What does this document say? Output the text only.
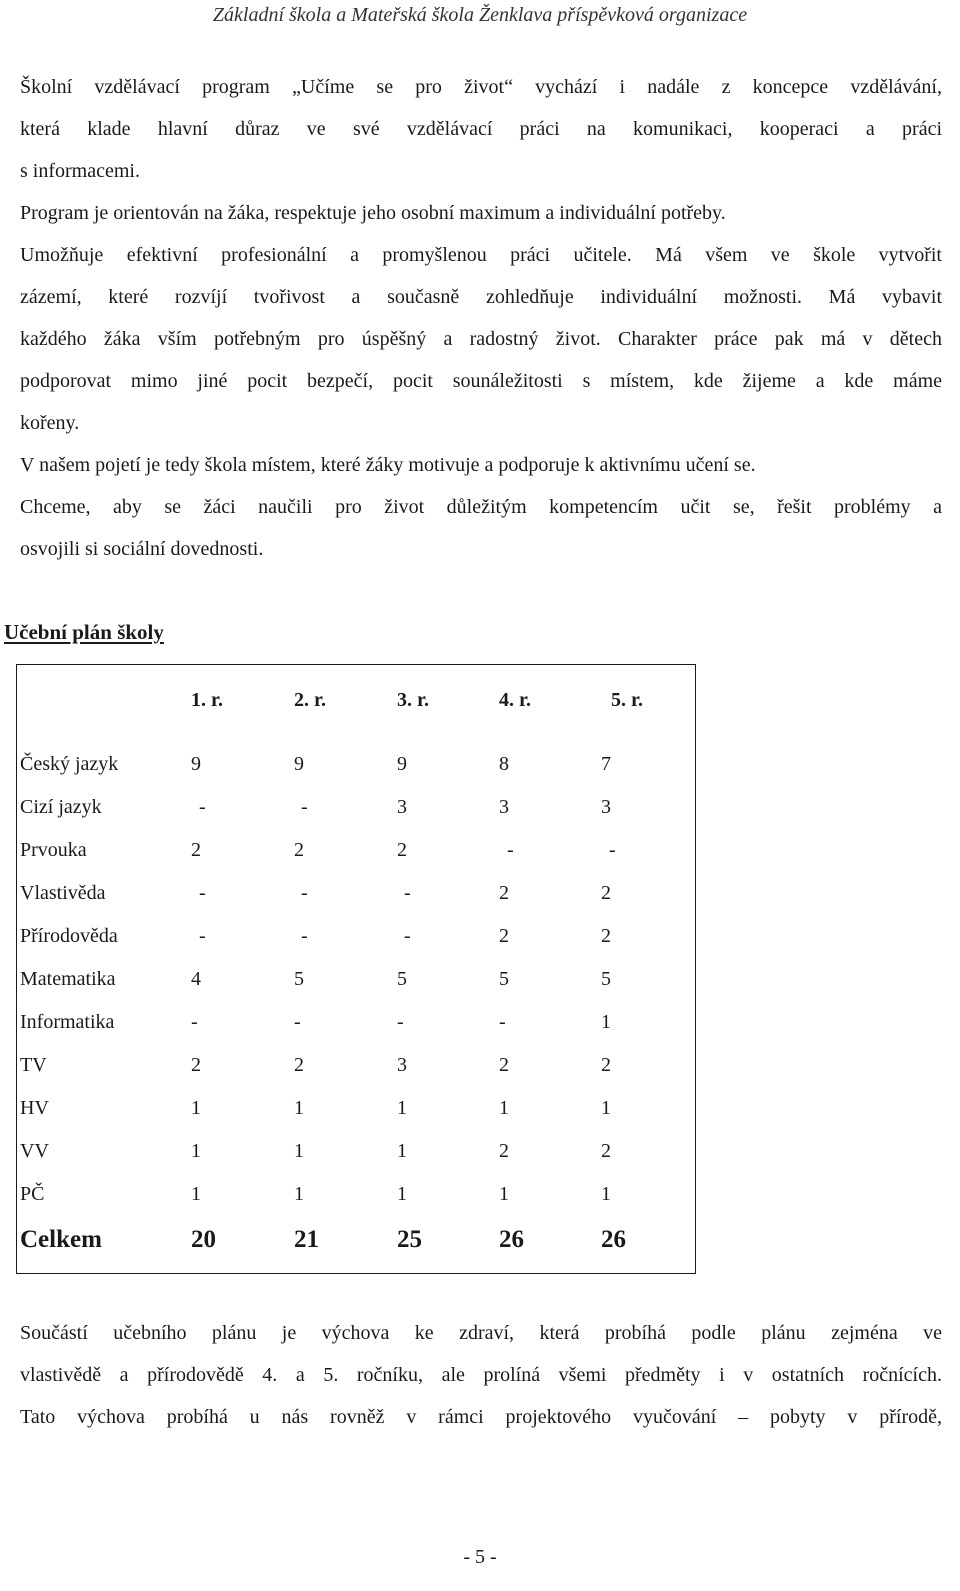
Základní škola a Mateřská škola Ženklava příspěvková organizace
Školní vzdělávací program „Učíme se pro život“ vychází i nadále z koncepce vzdělávání,
která klade hlavní důraz ve své vzdělávací práci na komunikaci, kooperaci a práci
s informacemi.
Program je orientován na žáka, respektuje jeho osobní maximum a individuální potřeby.
Umožňuje efektivní profesionální a promyšlenou práci učitele. Má všem ve škole vytvořit
zázemí, které rozvíjí tvořivost a současně zohledňuje individuální možnosti. Má vybavit
každého žáka vším potřebným pro úspěšný a radostný život. Charakter práce pak má v dětech
podporovat mimo jiné pocit bezpečí, pocit sounáležitosti s místem, kde žijeme a kde máme
kořeny.
V našem pojetí je tedy škola místem, které žáky motivuje a podporuje k aktivnímu učení se.
Chceme, aby se žáci naučili pro život důležitým kompetencím učit se, řešit problémy a
osvojili si sociální dovednosti.
Učební plán školy
1. r.	2. r.	3. r.	4. r.	5. r.
Český jazyk	9	9	9	8	7
Cizí jazyk	-	-	3	3	3
Prvouka	2	2	2	-	-
Vlastivěda	-	-	-	2	2
Přírodověda	-	-	-	2	2
Matematika	4	5	5	5	5
Informatika	-	-	-	-	1
TV	2	2	3	2	2
HV	1	1	1	1	1
VV	1	1	1	2	2
PČ	1	1	1	1	1
Celkem	20	21	25	26	26
Součástí učebního plánu je výchova ke zdraví, která probíhá podle plánu zejména ve
vlastivědě a přírodovědě 4. a 5. ročníku, ale prolíná všemi předměty i v ostatních ročnících.
Tato výchova probíhá u nás rovněž v rámci projektového vyučování – pobyty v přírodě,
- 5 -
